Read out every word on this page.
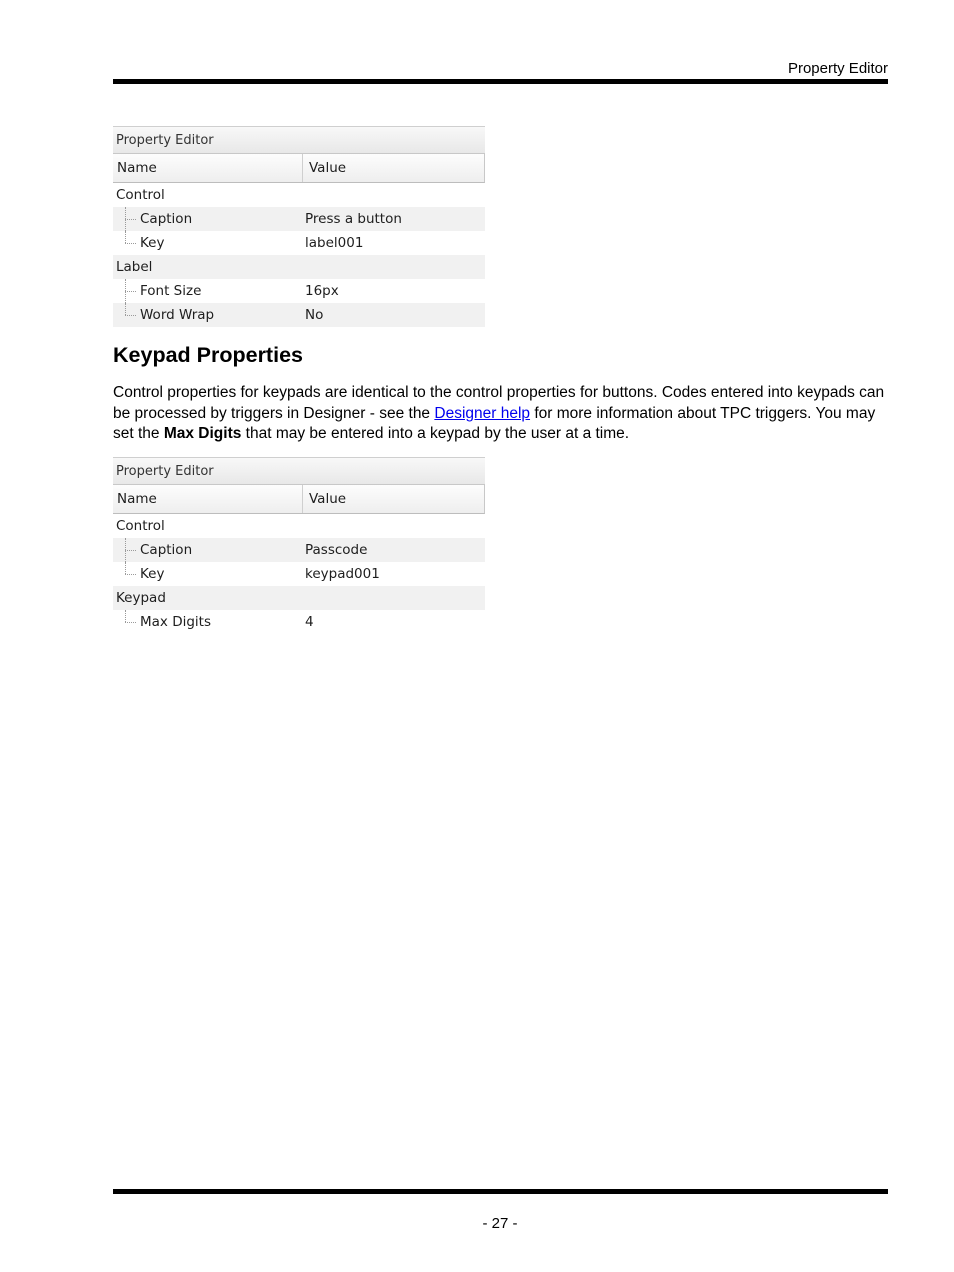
Property Editor
Property Editor
Name	Value
Control
Caption	Press a button
Key	label001
Label
Font Size	16px
Word Wrap	No
Keypad Properties

Control properties for keypads are identical to the control properties for buttons. Codes entered into keypads can be processed by triggers in Designer - see the Designer help for more information about TPC triggers. You may set the Max Digits that may be entered into a keypad by the user at a time.

Property Editor
Name	Value
Control
Caption	Passcode
Key	keypad001
Keypad
Max Digits	4
- 27 -
